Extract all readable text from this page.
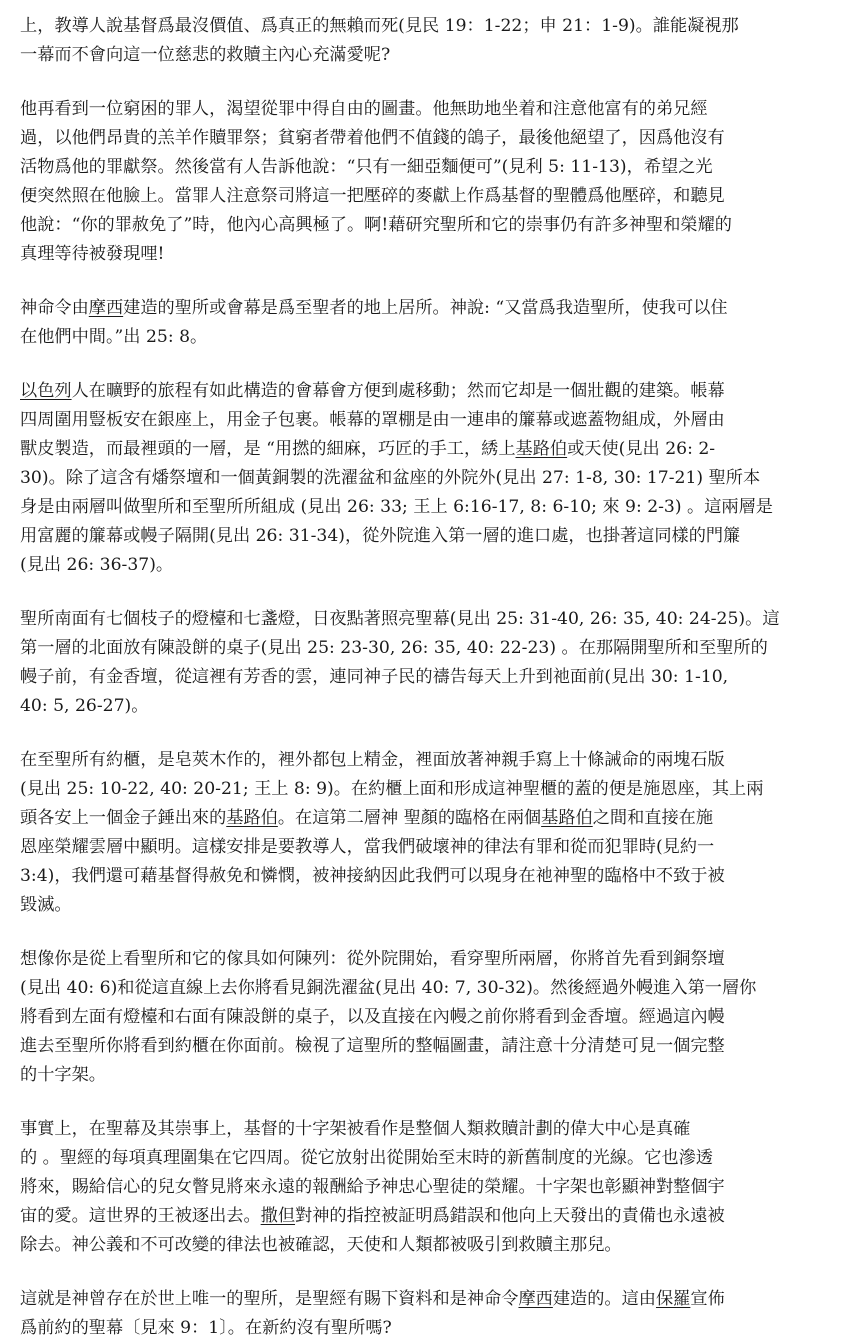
上，教導人說基督爲最沒價值、爲真正的無賴而死(見民 19：1-22；申 21：1-9)。誰能凝視那
一幕而不會向這一位慈悲的救贖主內心充滿愛呢?
他再看到一位窮困的罪人，渴望從罪中得自由的圖畫。他無助地坐着和注意他富有的弟兄經
過，以他們昂貴的羔羊作贖罪祭；貧窮者帶着他們不值錢的鴿子，最後他絕望了，因爲他沒有
活物爲他的罪獻祭。然後當有人告訴他說：“只有一細亞麵便可”(見利 5: 11-13)，希望之光
便突然照在他臉上。當罪人注意祭司將這一把壓碎的麥獻上作爲基督的聖體爲他壓碎，和聽見
他說：“你的罪赦免了”時，他內心高興極了。啊!藉研究聖所和它的崇事仍有許多神聖和榮耀的
真理等待被發現哩!
神命令由摩西建造的聖所或會幕是爲至聖者的地上居所。神說: “又當爲我造聖所，使我可以住
在他們中間。”出 25: 8。
以色列人在曠野的旅程有如此構造的會幕會方便到處移動；然而它却是一個壯觀的建築。帳幕
四周圍用豎板安在銀座上，用金子包裹。帳幕的罩棚是由一連串的簾幕或遮蓋物組成，外層由
獸皮製造，而最裡頭的一層，是 “用撚的細麻，巧匠的手工，綉上基路伯或天使(見出 26: 2-
30)。除了這含有燔祭壇和一個黃銅製的洗濯盆和盆座的外院外(見出 27: 1-8, 30: 17-21) 聖所本
身是由兩層叫做聖所和至聖所所組成 (見出 26: 33; 王上 6:16-17, 8: 6-10; 來 9: 2-3) 。這兩層是
用富麗的簾幕或幔子隔開(見出 26: 31-34)，從外院進入第一層的進口處，也掛著這同樣的門簾
(見出 26: 36-37)。
聖所南面有七個枝子的燈檯和七盞燈，日夜點著照亮聖幕(見出 25: 31-40, 26: 35, 40: 24-25)。這
第一層的北面放有陳設餅的桌子(見出 25: 23-30, 26: 35, 40: 22-23) 。在那隔開聖所和至聖所的
幔子前，有金香壇，從這裡有芳香的雲，連同神子民的禱告每天上升到祂面前(見出 30: 1-10,
40: 5, 26-27)。
在至聖所有約櫃，是皂莢木作的，裡外都包上精金，裡面放著神親手寫上十條誡命的兩塊石版
(見出 25: 10-22, 40: 20-21; 王上 8: 9)。在約櫃上面和形成這神聖櫃的蓋的便是施恩座，其上兩
頭各安上一個金子錘出來的基路伯。在這第二層神 聖顏的臨格在兩個基路伯之間和直接在施
恩座榮耀雲層中顯明。這樣安排是要教導人，當我們破壞神的律法有罪和從而犯罪時(見約一
3:4)，我們還可藉基督得赦免和憐憫，被神接納因此我們可以現身在祂神聖的臨格中不致于被
毀滅。
想像你是從上看聖所和它的傢具如何陳列：從外院開始，看穿聖所兩層，你將首先看到銅祭壇
(見出 40: 6)和從這直線上去你將看見銅洗濯盆(見出 40: 7, 30-32)。然後經過外幔進入第一層你
將看到左面有燈檯和右面有陳設餅的桌子，以及直接在內幔之前你將看到金香壇。經過這內幔
進去至聖所你將看到約櫃在你面前。檢視了這聖所的整幅圖畫，請注意十分清楚可見一個完整
的十字架。
事實上，在聖幕及其崇事上，基督的十字架被看作是整個人類救贖計劃的偉大中心是真確
的 。聖經的每項真理圍集在它四周。從它放射出從開始至末時的新舊制度的光線。它也滲透
將來，賜給信心的兒女瞥見將來永遠的報酬給予神忠心聖徒的榮耀。十字架也彰顯神對整個宇
宙的愛。這世界的王被逐出去。撒但對神的指控被証明爲錯誤和他向上天發出的責備也永遠被
除去。神公義和不可改變的律法也被確認，天使和人類都被吸引到救贖主那兒。
這就是神曾存在於世上唯一的聖所，是聖經有賜下資料和是神命令摩西建造的。這由保羅宣佈
爲前約的聖幕〔見來 9：1〕。在新約沒有聖所嗎?
